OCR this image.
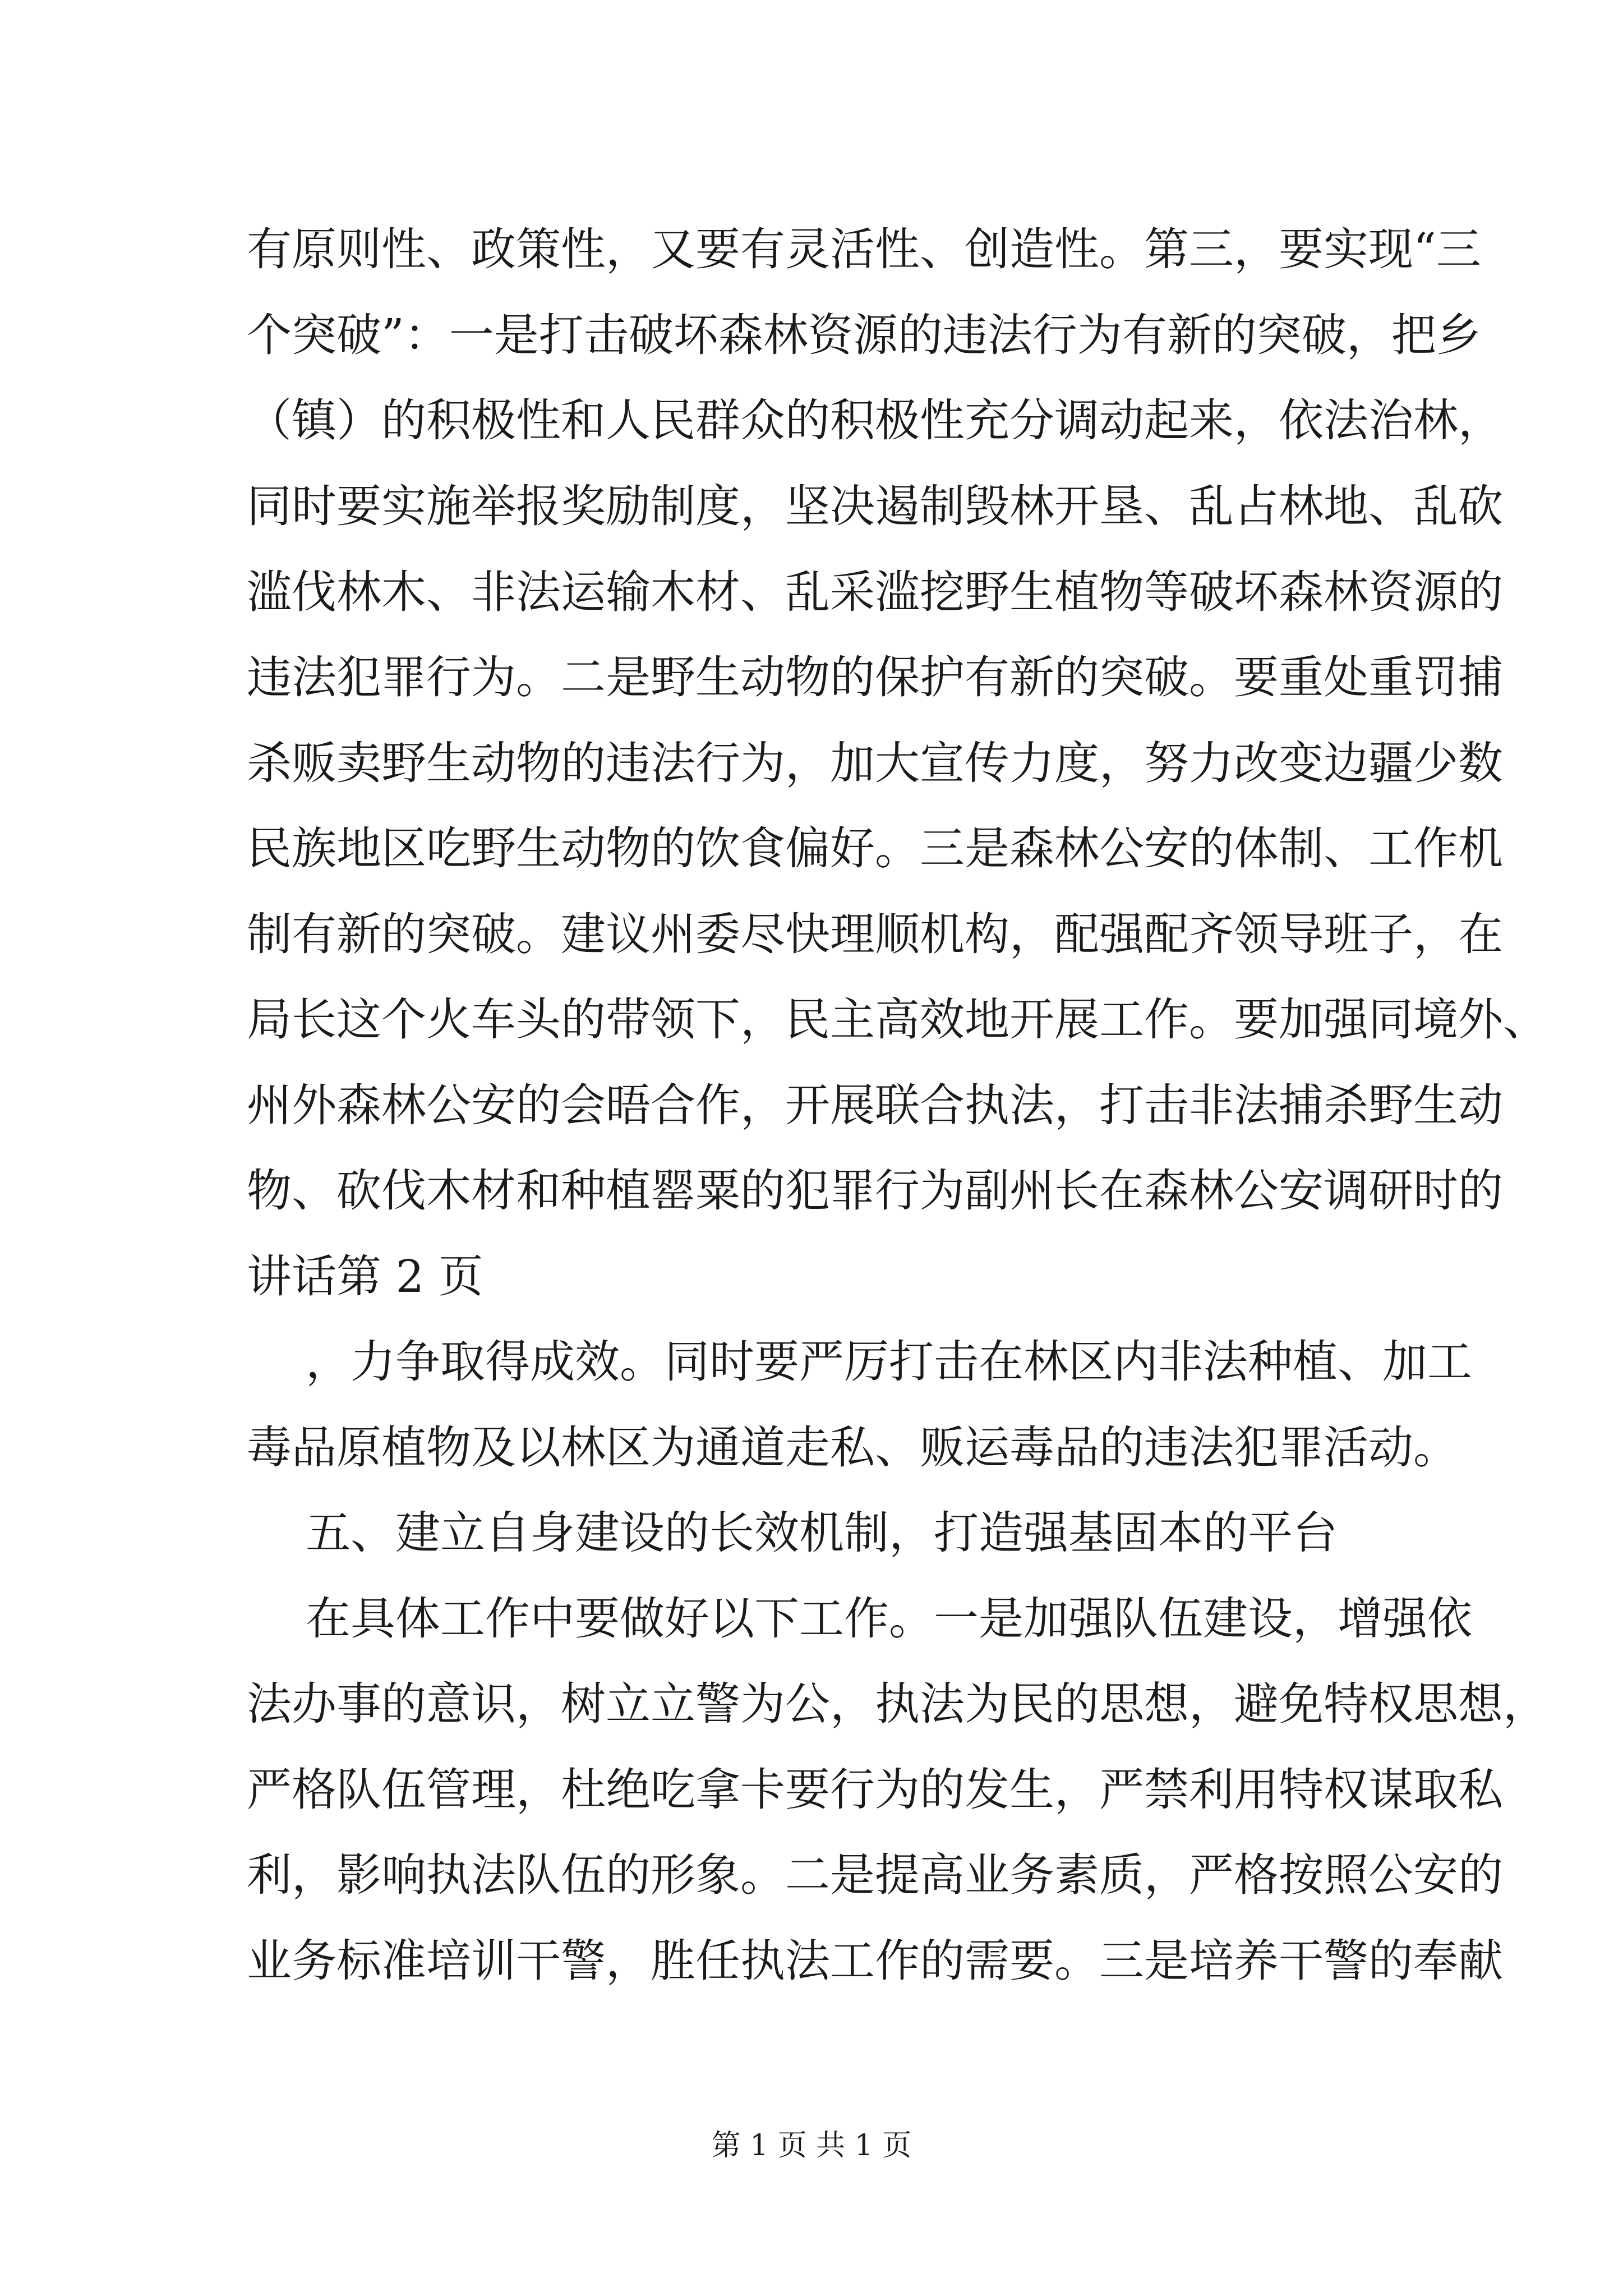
有原则性、政策性，又要有灵活性、创造性。第三，要实现“三
个突破”：一是打击破坏森林资源的违法行为有新的突破，把乡
（镇）的积极性和人民群众的积极性充分调动起来，依法治林，
同时要实施举报奖励制度，坚决遏制毁林开垦、乱占林地、乱砍
滥伐林木、非法运输木材、乱采滥挖野生植物等破坏森林资源的
违法犯罪行为。二是野生动物的保护有新的突破。要重处重罚捕
杀贩卖野生动物的违法行为，加大宣传力度，努力改变边疆少数
民族地区吃野生动物的饮食偏好。三是森林公安的体制、工作机
制有新的突破。建议州委尽快理顺机构，配强配齐领导班子，在
局长这个火车头的带领下，民主高效地开展工作。要加强同境外、
州外森林公安的会晤合作，开展联合执法，打击非法捕杀野生动
物、砍伐木材和种植罂粟的犯罪行为副州长在森林公安调研时的
讲话第 2 页
，力争取得成效。同时要严厉打击在林区内非法种植、加工
毒品原植物及以林区为通道走私、贩运毒品的违法犯罪活动。
五、建立自身建设的长效机制，打造强基固本的平台
在具体工作中要做好以下工作。一是加强队伍建设，增强依
法办事的意识，树立立警为公，执法为民的思想，避免特权思想，
严格队伍管理，杜绝吃拿卡要行为的发生，严禁利用特权谋取私
利，影响执法队伍的形象。二是提高业务素质，严格按照公安的
业务标准培训干警，胜任执法工作的需要。三是培养干警的奉献
第 1 页 共 1 页
